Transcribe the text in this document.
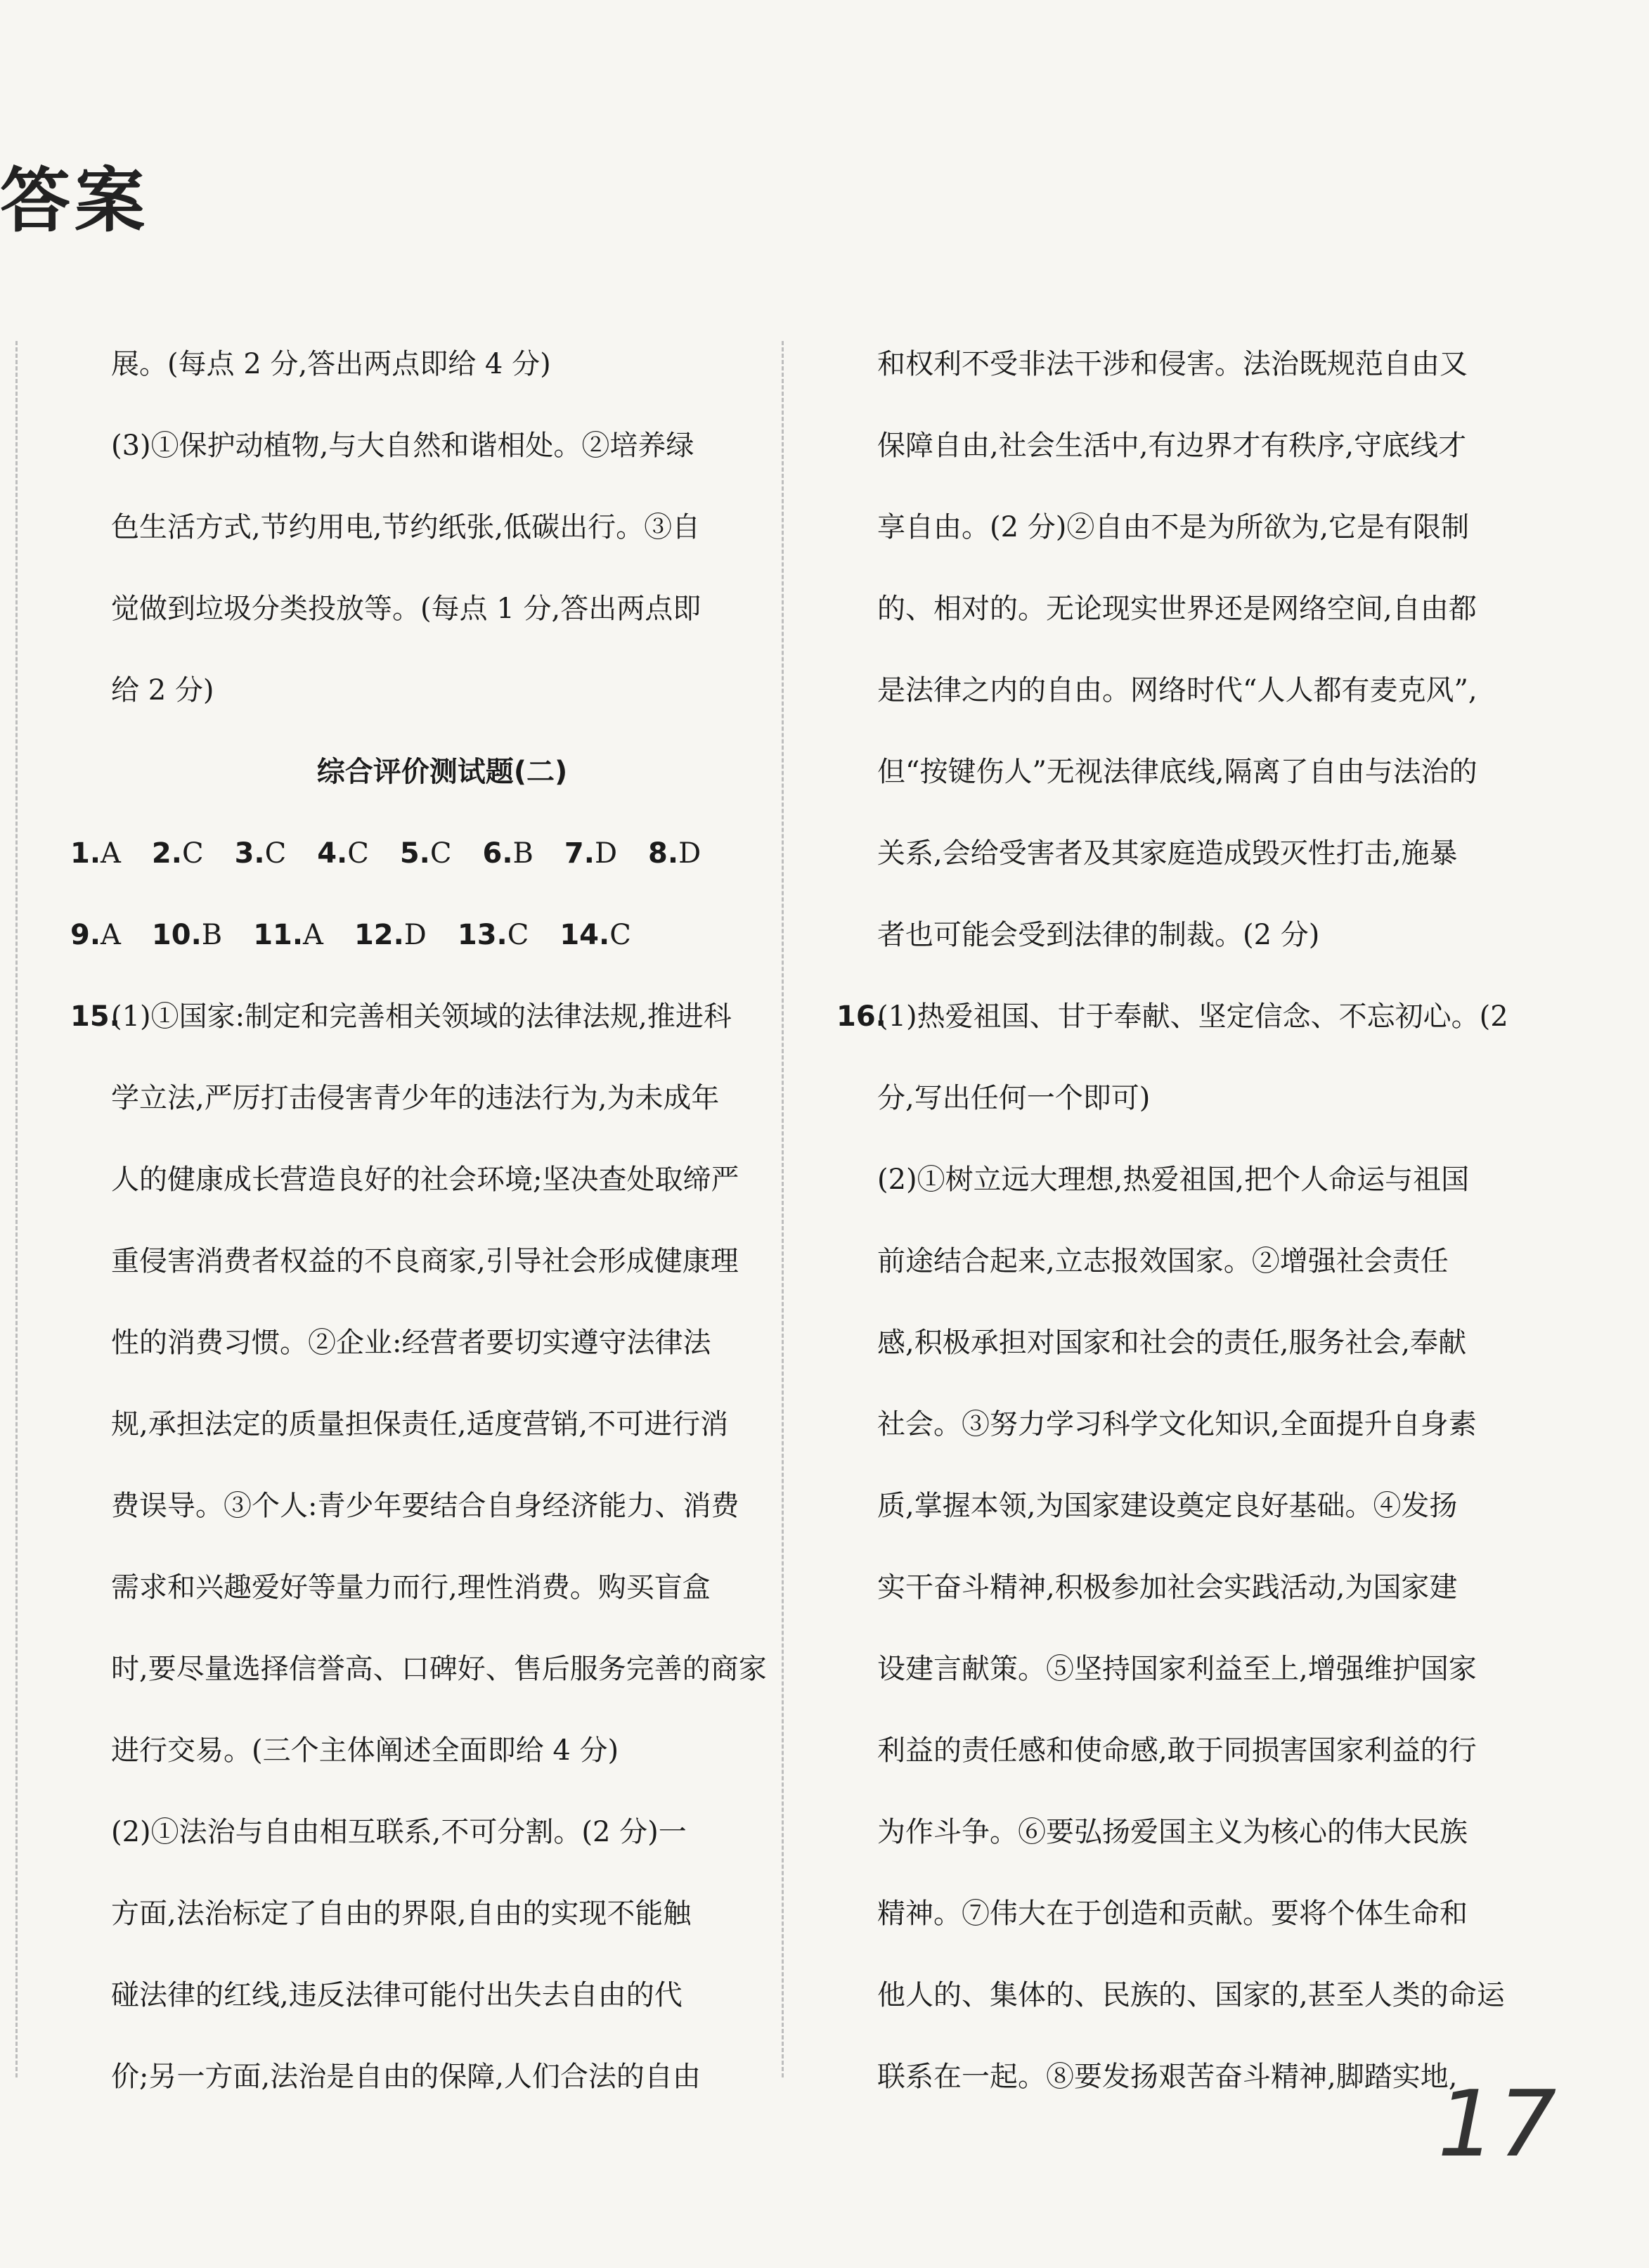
答案
展。(每点 2 分,答出两点即给 4 分)
(3)①保护动植物,与大自然和谐相处。②培养绿
色生活方式,节约用电,节约纸张,低碳出行。③自
觉做到垃圾分类投放等。(每点 1 分,答出两点即
给 2 分)
综合评价测试题(二)
1.A 2.C 3.C 4.C 5.C 6.B 7.D 8.D
9.A 10.B 11.A 12.D 13.C 14.C
15.
(1)①国家:制定和完善相关领域的法律法规,推进科
学立法,严厉打击侵害青少年的违法行为,为未成年
人的健康成长营造良好的社会环境;坚决查处取缔严
重侵害消费者权益的不良商家,引导社会形成健康理
性的消费习惯。②企业:经营者要切实遵守法律法
规,承担法定的质量担保责任,适度营销,不可进行消
费误导。③个人:青少年要结合自身经济能力、消费
需求和兴趣爱好等量力而行,理性消费。购买盲盒
时,要尽量选择信誉高、口碑好、售后服务完善的商家
进行交易。(三个主体阐述全面即给 4 分)
(2)①法治与自由相互联系,不可分割。(2 分)一
方面,法治标定了自由的界限,自由的实现不能触
碰法律的红线,违反法律可能付出失去自由的代
价;另一方面,法治是自由的保障,人们合法的自由
和权利不受非法干涉和侵害。法治既规范自由又
保障自由,社会生活中,有边界才有秩序,守底线才
享自由。(2 分)②自由不是为所欲为,它是有限制
的、相对的。无论现实世界还是网络空间,自由都
是法律之内的自由。网络时代“人人都有麦克风”,
但“按键伤人”无视法律底线,隔离了自由与法治的
关系,会给受害者及其家庭造成毁灭性打击,施暴
者也可能会受到法律的制裁。(2 分)
16.
(1)热爱祖国、甘于奉献、坚定信念、不忘初心。(2
分,写出任何一个即可)
(2)①树立远大理想,热爱祖国,把个人命运与祖国
前途结合起来,立志报效国家。②增强社会责任
感,积极承担对国家和社会的责任,服务社会,奉献
社会。③努力学习科学文化知识,全面提升自身素
质,掌握本领,为国家建设奠定良好基础。④发扬
实干奋斗精神,积极参加社会实践活动,为国家建
设建言献策。⑤坚持国家利益至上,增强维护国家
利益的责任感和使命感,敢于同损害国家利益的行
为作斗争。⑥要弘扬爱国主义为核心的伟大民族
精神。⑦伟大在于创造和贡献。要将个体生命和
他人的、集体的、民族的、国家的,甚至人类的命运
联系在一起。⑧要发扬艰苦奋斗精神,脚踏实地,
17
